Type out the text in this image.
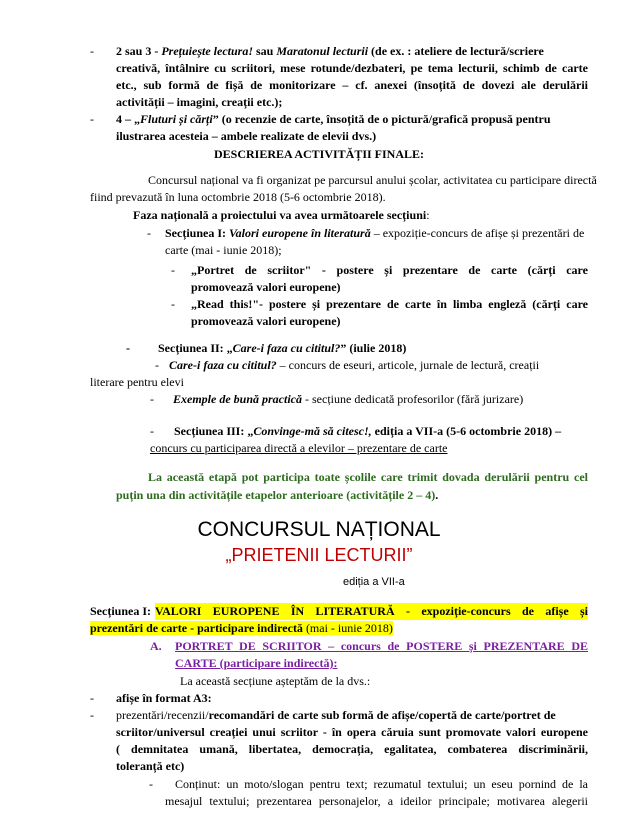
- 2 sau 3 - Prețuiește lectura! sau Maratonul lecturii (de ex. : ateliere de lectură/scriere
creativă, întâlnire cu scriitori, mese rotunde/dezbateri, pe tema lecturii, schimb de carte
etc., sub formă de fișă de monitorizare – cf. anexei (însoțită de dovezi ale derulării
activității – imagini, creații etc.);
- 4 – „Fluturi și cărți” (o recenzie de carte, însoțită de o pictură/grafică propusă pentru
ilustrarea acesteia – ambele realizate de elevii dvs.)
DESCRIEREA ACTIVITĂȚII FINALE:
Concursul național va fi organizat pe parcursul anului școlar, activitatea cu participare directă
fiind prevazută în luna octombrie 2018 (5-6 octombrie 2018).
Faza națională a proiectului va avea următoarele secțiuni:
- Secțiunea I: Valori europene în literatură – expoziție-concurs de afișe și prezentări de
carte (mai - iunie 2018);
- „Portret de scriitor" - postere și prezentare de carte (cărți care
promovează valori europene)
- „Read this!"- postere și prezentare de carte în limba engleză (cărți care
promovează valori europene)
- Secțiunea II: „Care-i faza cu cititul?” (iulie 2018)
- Care-i faza cu cititul? – concurs de eseuri, articole, jurnale de lectură, creații
literare pentru elevi
- Exemple de bună practică - secțiune dedicată profesorilor (fără jurizare)
- Secțiunea III: „Convinge-mă să citesc!, ediția a VII-a (5-6 octombrie 2018) –
concurs cu participarea directă a elevilor – prezentare de carte
La această etapă pot participa toate școlile care trimit dovada derulării pentru cel
puțin una din activitățile etapelor anterioare (activitățile 2 – 4).
CONCURSUL NAȚIONAL
„PRIETENII LECTURII”
ediția a VII-a
Secțiunea I: VALORI EUROPENE ÎN LITERATURĂ - expoziție-concurs de afișe și
prezentări de carte - participare indirectă (mai - iunie 2018)
A. PORTRET DE SCRIITOR – concurs de POSTERE și PREZENTARE DE
CARTE (participare indirectă):
La această secțiune așteptăm de la dvs.:
- afișe în format A3:
- prezentări/recenzii/recomandări de carte sub formă de afișe/copertă de carte/portret de
scriitor/universul creației unui scriitor - în opera căruia sunt promovate valori europene
( demnitatea umană, libertatea, democrația, egalitatea, combaterea discriminării,
toleranță etc)
- Conținut: un moto/slogan pentru text; rezumatul textului; un eseu pornind de la
mesajul textului; prezentarea personajelor, a ideilor principale; motivarea alegerii
